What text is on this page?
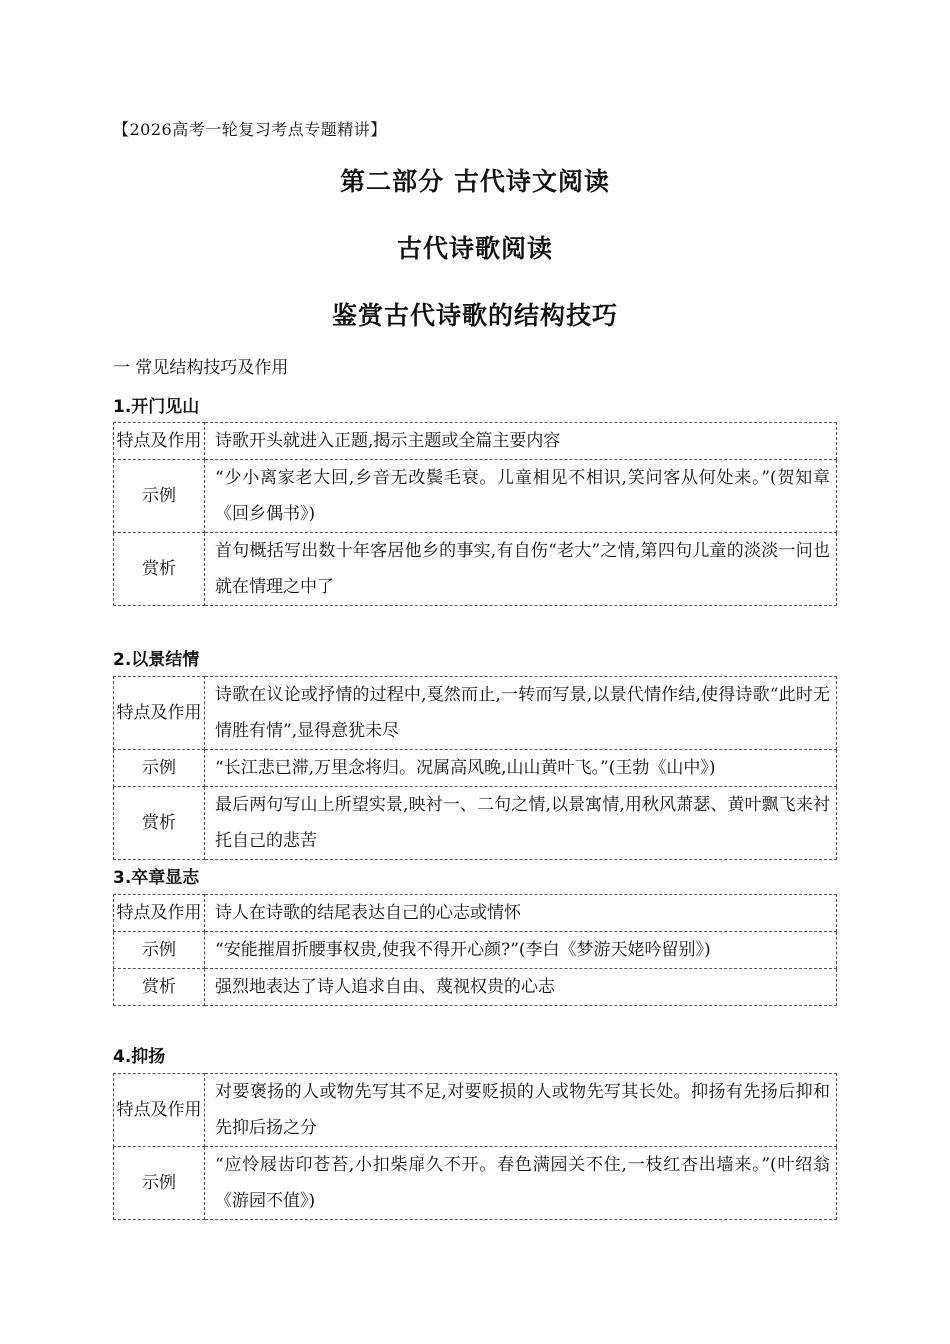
【2026高考一轮复习考点专题精讲】
第二部分 古代诗文阅读
古代诗歌阅读
鉴赏古代诗歌的结构技巧
一 常见结构技巧及作用
1.开门见山
特点及作用	诗歌开头就进入正题,揭示主题或全篇主要内容
示例	“少小离家老大回,乡音无改鬓毛衰。儿童相见不相识,笑问客从何处来。”(贺知章《回乡偶书》)
赏析	首句概括写出数十年客居他乡的事实,有自伤“老大”之情,第四句儿童的淡淡一问也就在情理之中了
2.以景结情
特点及作用	诗歌在议论或抒情的过程中,戛然而止,一转而写景,以景代情作结,使得诗歌“此时无情胜有情”,显得意犹未尽
示例	“长江悲已滞,万里念将归。况属高风晚,山山黄叶飞。”(王勃《山中》)
赏析	最后两句写山上所望实景,映衬一、二句之情,以景寓情,用秋风萧瑟、黄叶飘飞来衬托自己的悲苦
3.卒章显志
特点及作用	诗人在诗歌的结尾表达自己的心志或情怀
示例	“安能摧眉折腰事权贵,使我不得开心颜?”(李白《梦游天姥吟留别》)
赏析	强烈地表达了诗人追求自由、蔑视权贵的心志
4.抑扬
特点及作用	对要褒扬的人或物先写其不足,对要贬损的人或物先写其长处。抑扬有先扬后抑和先抑后扬之分
示例	“应怜屐齿印苍苔,小扣柴扉久不开。春色满园关不住,一枝红杏出墙来。”(叶绍翁《游园不值》)
